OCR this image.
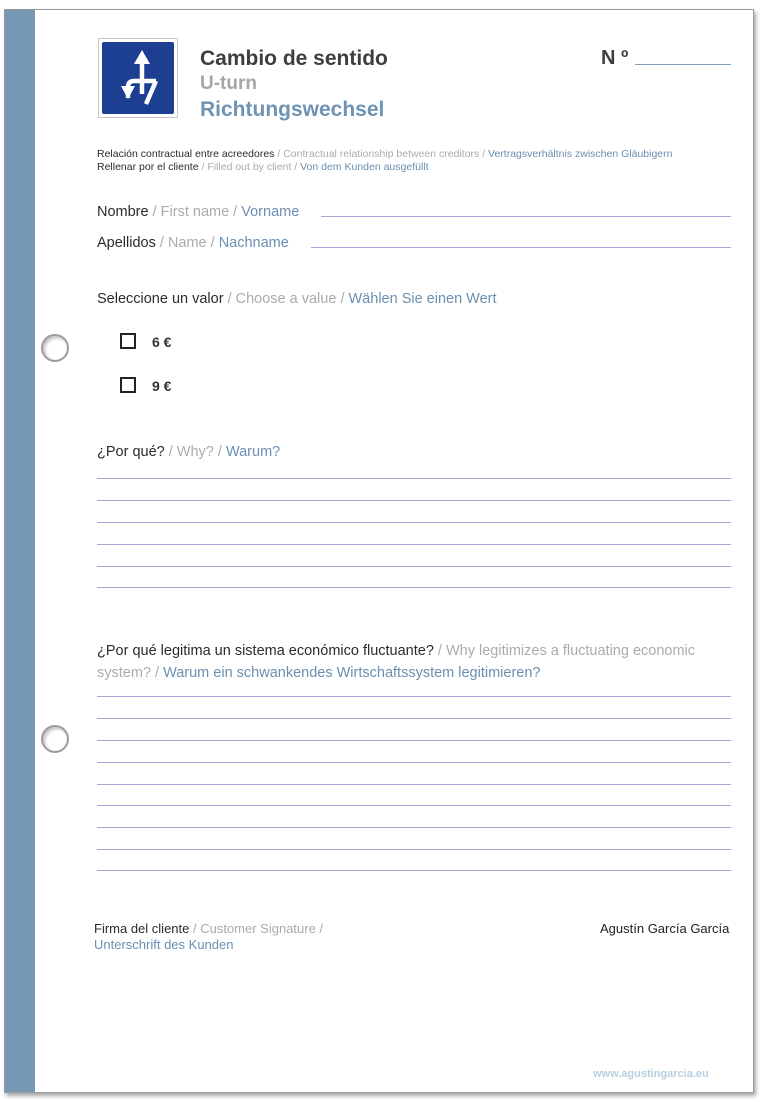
Cambio de sentido
U-turn
Richtungswechsel
N º
Relación contractual entre acreedores / Contractual relationship between creditors / Vertragsverhältnis zwischen Gläubigern
Rellenar por el cliente / Filled out by client / Von dem Kunden ausgefüllt
Nombre / First name / Vorname
Apellidos / Name / Nachname
Seleccione un valor / Choose a value / Wählen Sie einen Wert
6 €
9 €
¿Por qué? / Why? / Warum?
¿Por qué legitima un sistema económico fluctuante? / Why legitimizes a fluctuating economic system? / Warum ein schwankendes Wirtschaftssystem legitimieren?
Firma del cliente / Customer Signature /
Unterschrift des Kunden
Agustín García García
www.agustingarcia.eu
